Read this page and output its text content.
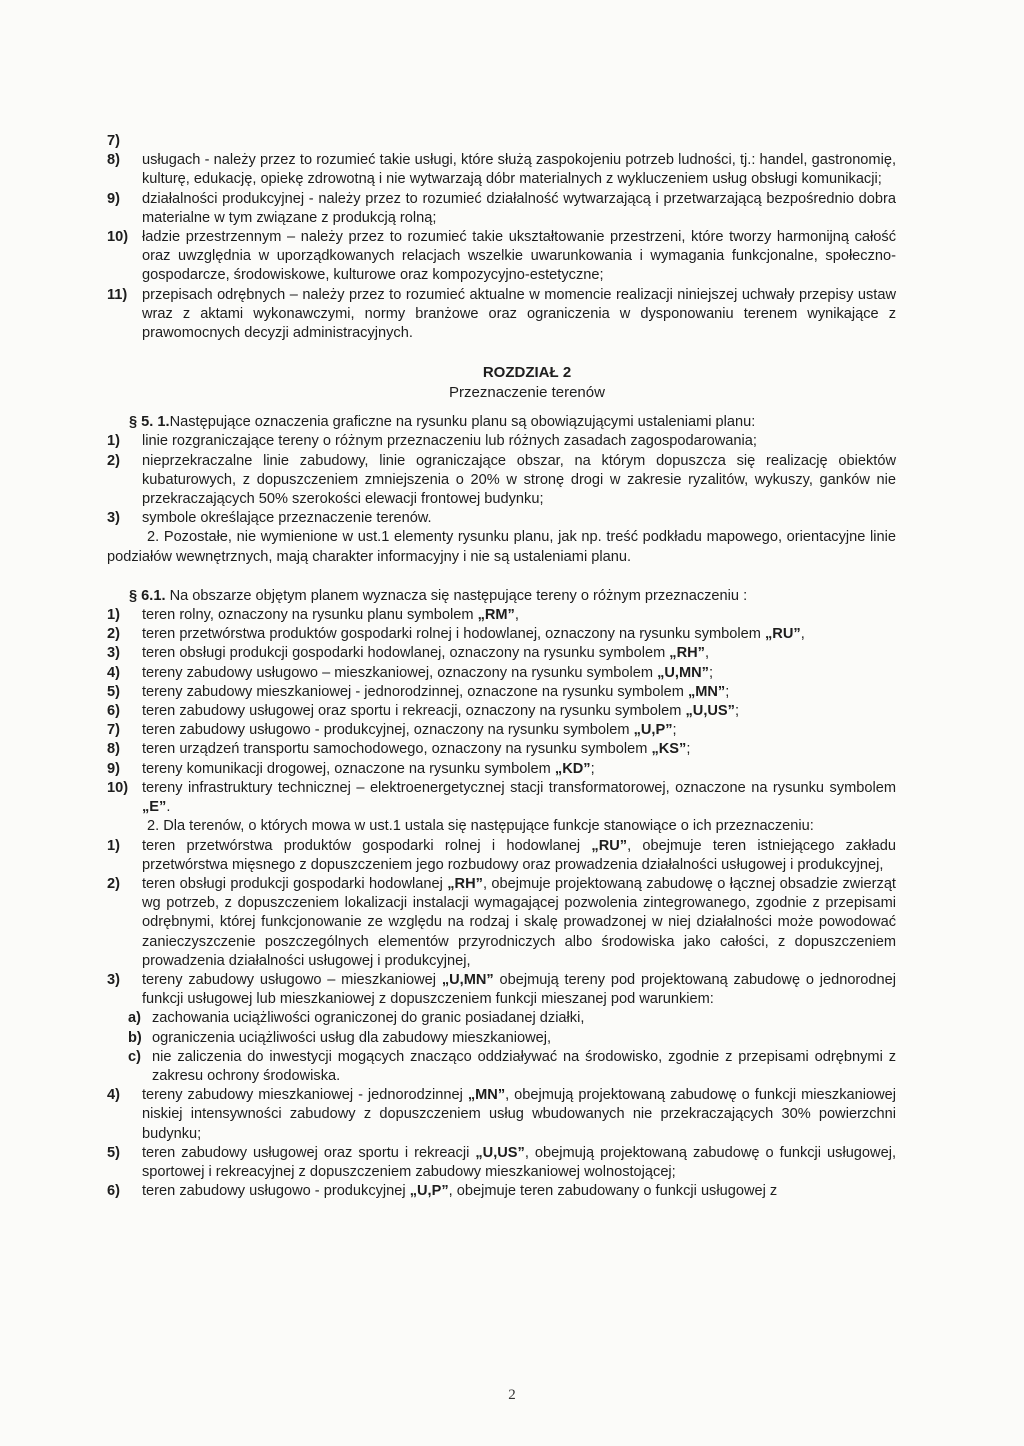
7)

8) usługach - należy przez to rozumieć takie usługi, które służą zaspokojeniu potrzeb ludności, tj.: handel, gastronomię, kulturę, edukację, opiekę zdrowotną i nie wytwarzają dóbr materialnych z wykluczeniem usług obsługi komunikacji;
9) działalności produkcyjnej - należy przez to rozumieć działalność wytwarzającą i przetwarzającą bezpośrednio dobra materialne w tym związane z produkcją rolną;
10) ładzie przestrzennym – należy przez to rozumieć takie ukształtowanie przestrzeni, które tworzy harmonijną całość oraz uwzględnia w uporządkowanych relacjach wszelkie uwarunkowania i wymagania funkcjonalne, społeczno-gospodarcze, środowiskowe, kulturowe oraz kompozycyjno-estetyczne;
11) przepisach odrębnych – należy przez to rozumieć aktualne w momencie realizacji niniejszej uchwały przepisy ustaw wraz z aktami wykonawczymi, normy branżowe oraz ograniczenia w dysponowaniu terenem wynikające z prawomocnych decyzji administracyjnych.
ROZDZIAŁ 2
Przeznaczenie terenów
§ 5. 1.Następujące oznaczenia graficzne na rysunku planu są obowiązującymi ustaleniami planu:
1) linie rozgraniczające tereny o różnym przeznaczeniu lub różnych zasadach zagospodarowania;
2) nieprzekraczalne linie zabudowy, linie ograniczające obszar, na którym dopuszcza się realizację obiektów kubaturowych, z dopuszczeniem zmniejszenia o 20% w stronę drogi w zakresie ryzalitów, wykuszy, ganków nie przekraczających 50% szerokości elewacji frontowej budynku;
3) symbole określające przeznaczenie terenów.
2. Pozostałe, nie wymienione w ust.1 elementy rysunku planu, jak np. treść podkładu mapowego, orientacyjne linie podziałów wewnętrznych, mają charakter informacyjny i nie są ustaleniami planu.
§ 6.1. Na obszarze objętym planem wyznacza się następujące tereny o różnym przeznaczeniu :
1) teren rolny, oznaczony na rysunku planu symbolem „RM”,
2) teren przetwórstwa produktów gospodarki rolnej i hodowlanej, oznaczony na rysunku symbolem „RU”,
3) teren obsługi produkcji gospodarki hodowlanej, oznaczony na rysunku symbolem „RH”,
4) tereny zabudowy usługowo – mieszkaniowej, oznaczony na rysunku symbolem „U,MN”;
5) tereny zabudowy mieszkaniowej - jednorodzinnej, oznaczone na rysunku symbolem „MN”;
6) teren zabudowy usługowej oraz sportu i rekreacji, oznaczony na rysunku symbolem „U,US”;
7) teren zabudowy usługowo - produkcyjnej, oznaczony na rysunku symbolem „U,P”;
8) teren urządzeń transportu samochodowego, oznaczony na rysunku symbolem „KS”;
9) tereny komunikacji drogowej, oznaczone na rysunku symbolem „KD”;
10) tereny infrastruktury technicznej – elektroenergetycznej stacji transformatorowej, oznaczone na rysunku symbolem „E”.
2. Dla terenów, o których mowa w ust.1 ustala się następujące funkcje stanowiące o ich przeznaczeniu:
1) teren przetwórstwa produktów gospodarki rolnej i hodowlanej „RU”, obejmuje teren istniejącego zakładu przetwórstwa mięsnego z dopuszczeniem jego rozbudowy oraz prowadzenia działalności usługowej i produkcyjnej,
2) teren obsługi produkcji gospodarki hodowlanej „RH”, obejmuje projektowaną zabudowę o łącznej obsadzie zwierząt wg potrzeb, z dopuszczeniem lokalizacji instalacji wymagającej pozwolenia zintegrowanego, zgodnie z przepisami odrębnymi, której funkcjonowanie ze względu na rodzaj i skalę prowadzonej w niej działalności może powodować zanieczyszczenie poszczególnych elementów przyrodniczych albo środowiska jako całości, z dopuszczeniem prowadzenia działalności usługowej i produkcyjnej,
3) tereny zabudowy usługowo – mieszkaniowej „U,MN” obejmują tereny pod projektowaną zabudowę o jednorodnej funkcji usługowej lub mieszkaniowej z dopuszczeniem funkcji mieszanej pod warunkiem:
a) zachowania uciążliwości ograniczonej do granic posiadanej działki,
b) ograniczenia uciążliwości usług dla zabudowy mieszkaniowej,
c) nie zaliczenia do inwestycji mogących znacząco oddziaływać na środowisko, zgodnie z przepisami odrębnymi z zakresu ochrony środowiska.
4) tereny zabudowy mieszkaniowej - jednorodzinnej „MN”, obejmują projektowaną zabudowę o funkcji mieszkaniowej niskiej intensywności zabudowy z dopuszczeniem usług wbudowanych nie przekraczających 30% powierzchni budynku;
5) teren zabudowy usługowej oraz sportu i rekreacji „U,US”, obejmują projektowaną zabudowę o funkcji usługowej, sportowej i rekreacyjnej z dopuszczeniem zabudowy mieszkaniowej wolnostojącej;
6) teren zabudowy usługowo - produkcyjnej „U,P”, obejmuje teren zabudowany o funkcji usługowej z
2
